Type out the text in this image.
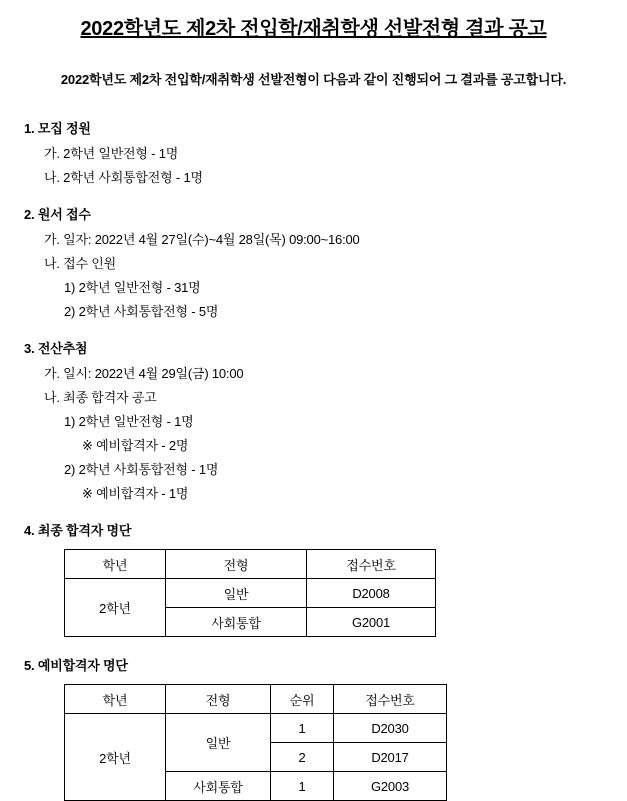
2022학년도 제2차 전입학/재취학생 선발전형 결과 공고

2022학년도 제2차 전입학/재취학생 선발전형이 다음과 같이 진행되어 그 결과를 공고합니다.

1. 모집 정원
가. 2학년 일반전형 - 1명
나. 2학년 사회통합전형 - 1명
2. 원서 접수
가. 일자: 2022년 4월 27일(수)~4월 28일(목) 09:00~16:00
나. 접수 인원
1) 2학년 일반전형 - 31명
2) 2학년 사회통합전형 - 5명
3. 전산추첨
가. 일시: 2022년 4월 29일(금) 10:00
나. 최종 합격자 공고
1) 2학년 일반전형 - 1명
※ 예비합격자 - 2명
2) 2학년 사회통합전형 - 1명
※ 예비합격자 - 1명
4. 최종 합격자 명단
학년	전형	접수번호
2학년	일반	D2008
	사회통합	G2001
5. 예비합격자 명단
학년	전형	순위	접수번호
2학년	일반	1	D2030
		2	D2017
	사회통합	1	G2003
